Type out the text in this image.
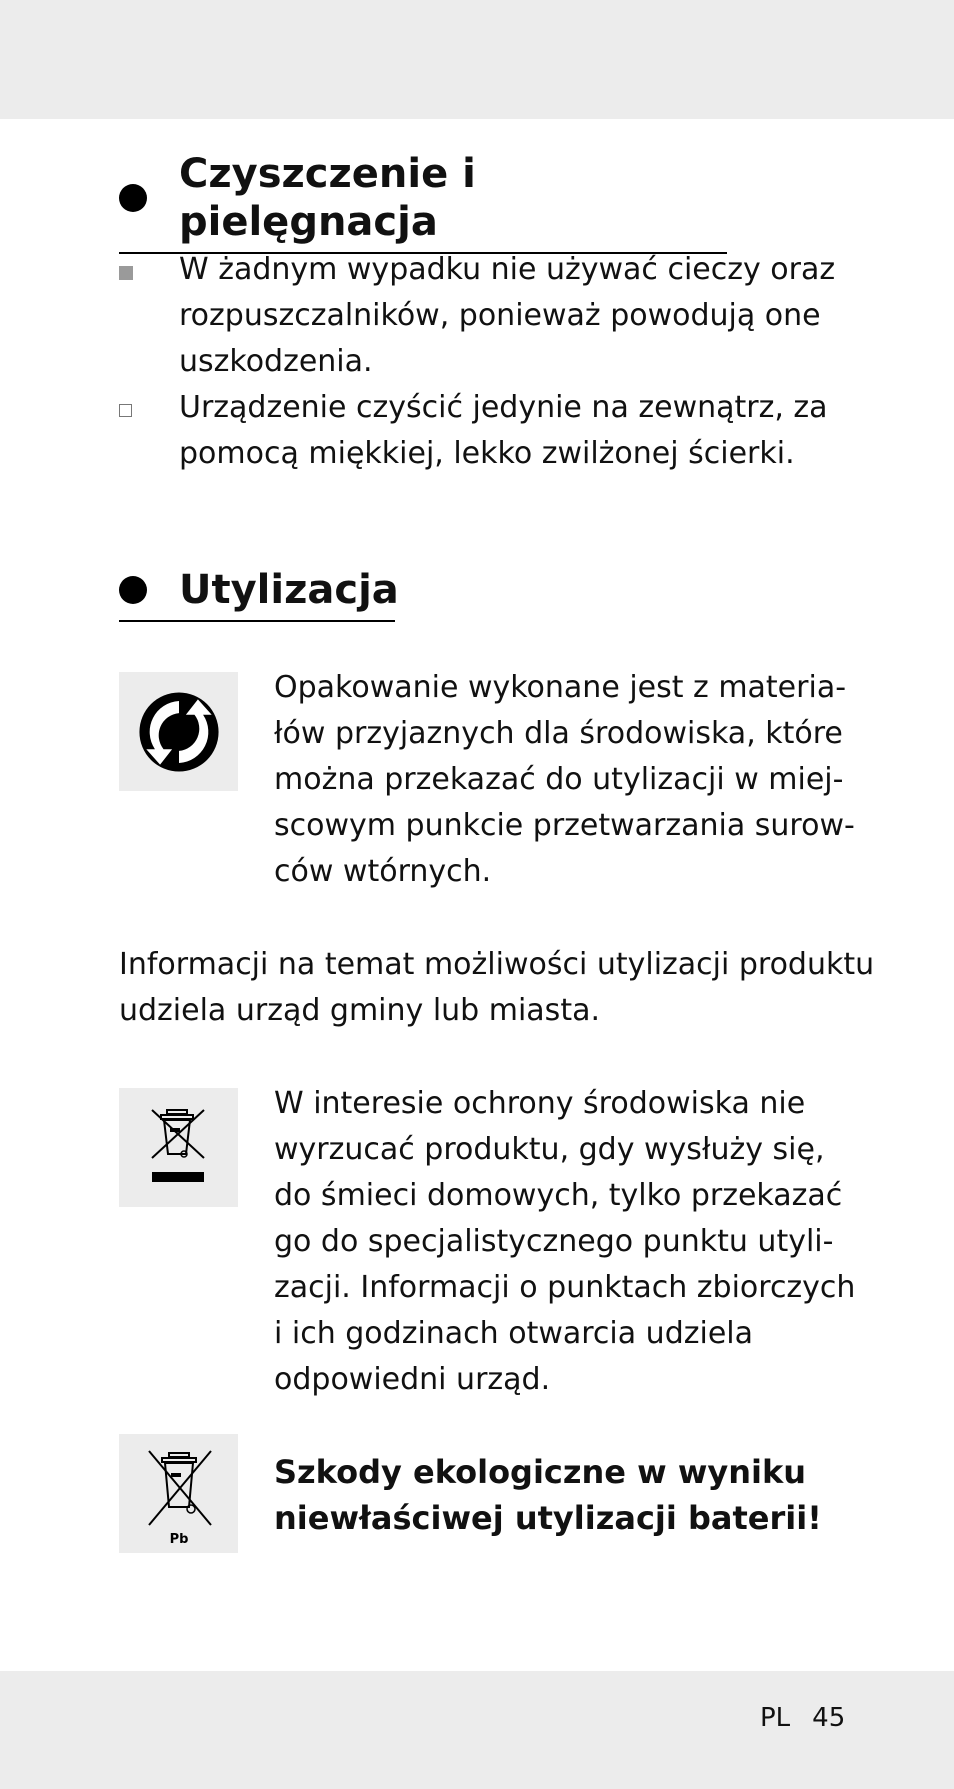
Czyszczenie i pielęgnacja
W żadnym wypadku nie używać cieczy oraz
rozpuszczalników, ponieważ powodują one
uszkodzenia.
Urządzenie czyścić jedynie na zewnątrz, za
pomocą miękkiej, lekko zwilżonej ścierki.
Utylizacja
Opakowanie wykonane jest z materia-
łów przyjaznych dla środowiska, które
można przekazać do utylizacji w miej-
scowym punkcie przetwarzania surow-
ców wtórnych.
Informacji na temat możliwości utylizacji produktu
udziela urząd gminy lub miasta.
W interesie ochrony środowiska nie
wyrzucać produktu, gdy wysłuży się,
do śmieci domowych, tylko przekazać
go do specjalistycznego punktu utyli-
zacji. Informacji o punktach zbiorczych
i ich godzinach otwarcia udziela
odpowiedni urząd.
Pb
Szkody ekologiczne w wyniku
niewłaściwej utylizacji baterii!
PL 45
